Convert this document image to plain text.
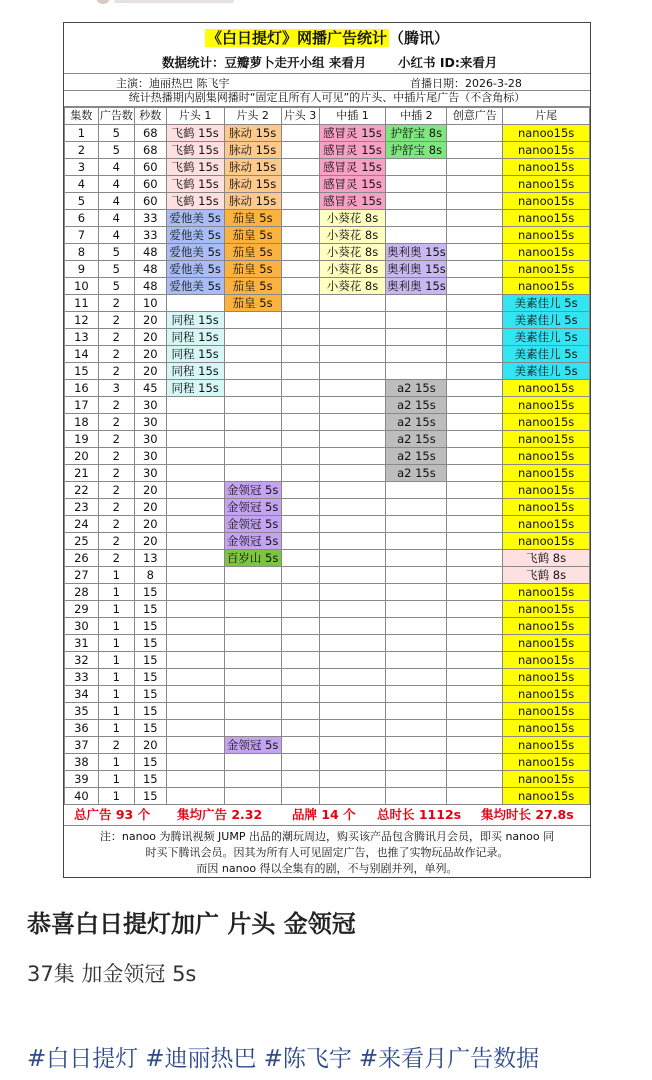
《白日提灯》网播广告统计 （腾讯）
数据统计：豆瓣萝卜走开小组 来看月	小红书 ID:来看月
主演：迪丽热巴 陈飞宇	首播日期：2026-3-28
统计热播期内剧集网播时“固定且所有人可见”的片头、中插片尾广告（不含角标）
集数	广告数	秒数	片头 1	片头 2	片头 3	中插 1	中插 2	创意广告	片尾
1	5	68	飞鹤 15s	脉动 15s		感冒灵 15s	护舒宝 8s		nanoo15s
2	5	68	飞鹤 15s	脉动 15s		感冒灵 15s	护舒宝 8s		nanoo15s
3	4	60	飞鹤 15s	脉动 15s		感冒灵 15s			nanoo15s
4	4	60	飞鹤 15s	脉动 15s		感冒灵 15s			nanoo15s
5	4	60	飞鹤 15s	脉动 15s		感冒灵 15s			nanoo15s
6	4	33	爱他美 5s	茄皇 5s		小葵花 8s			nanoo15s
7	4	33	爱他美 5s	茄皇 5s		小葵花 8s			nanoo15s
8	5	48	爱他美 5s	茄皇 5s		小葵花 8s	奥利奥 15s		nanoo15s
9	5	48	爱他美 5s	茄皇 5s		小葵花 8s	奥利奥 15s		nanoo15s
10	5	48	爱他美 5s	茄皇 5s		小葵花 8s	奥利奥 15s		nanoo15s
11	2	10		茄皇 5s					美素佳儿 5s
12	2	20	同程 15s						美素佳儿 5s
13	2	20	同程 15s						美素佳儿 5s
14	2	20	同程 15s						美素佳儿 5s
15	2	20	同程 15s						美素佳儿 5s
16	3	45	同程 15s				a2 15s		nanoo15s
17	2	30					a2 15s		nanoo15s
18	2	30					a2 15s		nanoo15s
19	2	30					a2 15s		nanoo15s
20	2	30					a2 15s		nanoo15s
21	2	30					a2 15s		nanoo15s
22	2	20		金领冠 5s					nanoo15s
23	2	20		金领冠 5s					nanoo15s
24	2	20		金领冠 5s					nanoo15s
25	2	20		金领冠 5s					nanoo15s
26	2	13		百岁山 5s					飞鹤 8s
27	1	8							飞鹤 8s
28	1	15							nanoo15s
29	1	15							nanoo15s
30	1	15							nanoo15s
31	1	15							nanoo15s
32	1	15							nanoo15s
33	1	15							nanoo15s
34	1	15							nanoo15s
35	1	15							nanoo15s
36	1	15							nanoo15s
37	2	20		金领冠 5s					nanoo15s
38	1	15							nanoo15s
39	1	15							nanoo15s
40	1	15							nanoo15s
总广告 93 个 集均广告 2.32 品牌 14 个 总时长 1112s 集均时长 27.8s
注：nanoo 为腾讯视频 JUMP 出品的潮玩周边，购买该产品包含腾讯月会员，即买 nanoo 同
时买下腾讯会员。因其为所有人可见固定广告，也推了实物玩品故作记录。
而因 nanoo 得以全集有的剧，不与别剧并列，单列。
恭喜白日提灯加广 片头 金领冠
37集 加金领冠 5s
#白日提灯 #迪丽热巴 #陈飞宇 #来看月广告数据
